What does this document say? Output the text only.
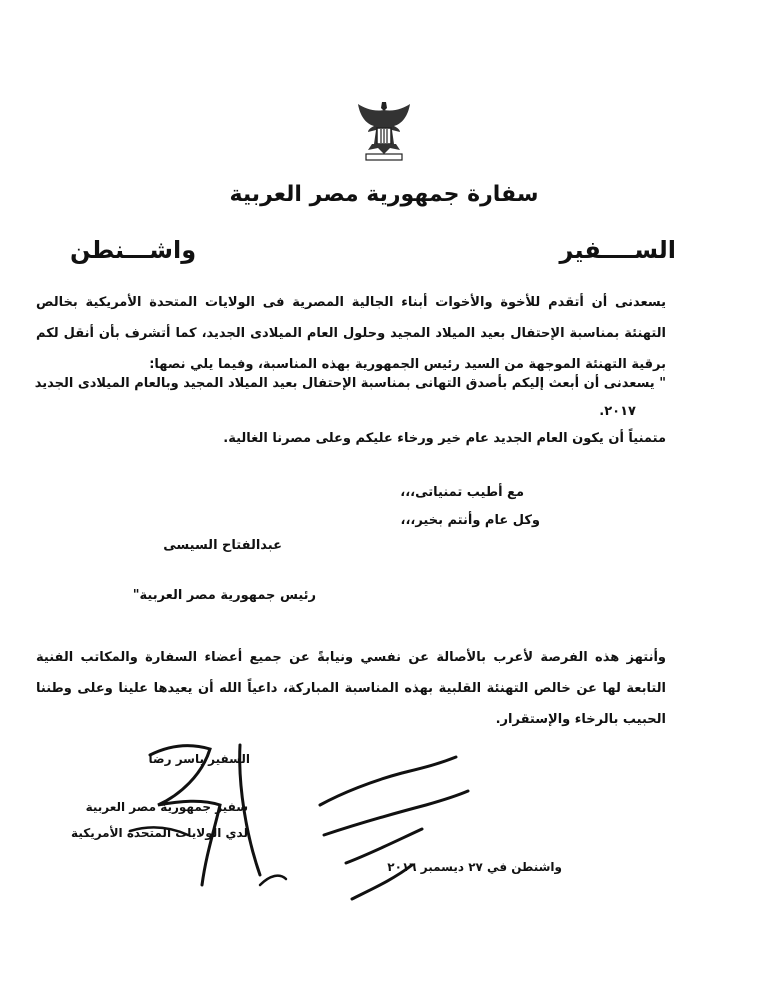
سفارة جمهورية مصر العربية
الســــفير
واشـــنطن
يسعدنى أن أتقدم للأخوة والأخوات أبناء الجالية المصرية فى الولايات المتحدة الأمريكية بخالص التهنئة بمناسبة الإحتفال بعيد الميلاد المجيد وحلول العام الميلادى الجديد، كما أتشرف بأن أنقل لكم برقية التهنئة الموجهة من السيد رئيس الجمهورية بهذه المناسبة، وفيما يلي نصها:
" يسعدنى أن أبعث إليكم بأصدق التهانى بمناسبة الإحتفال بعيد الميلاد المجيد وبالعام الميلادى الجديد
٢٠١٧.
متمنياً أن يكون العام الجديد عام خير ورخاء عليكم وعلى مصرنا الغالية.
مع أطيب تمنياتى،،،
وكل عام وأنتم بخير،،،
عبدالفتاح السيسى
رئيس جمهورية مصر العربية"
وأنتهز هذه الفرصة لأعرب بالأصالة عن نفسي ونيابةً عن جميع أعضاء السفارة والمكاتب الفنية التابعة لها عن خالص التهنئة القلبية بهذه المناسبة المباركة، داعياً الله أن يعيدها علينا وعلى وطننا الحبيب بالرخاء والإستقرار.
السفير ياسر رضا
سفير جمهورية مصر العربية
لدي الولايات المتحدة الأمريكية
واشنطن في ٢٧ ديسمبر ٢٠١٦
